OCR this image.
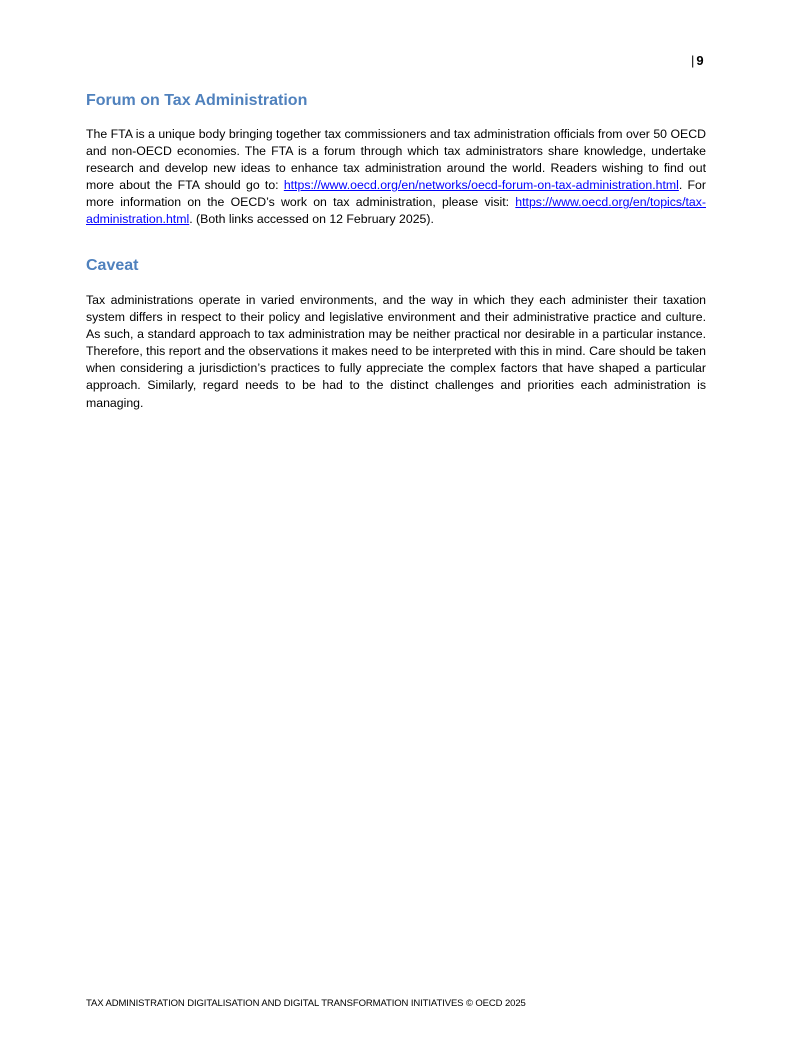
| 9
Forum on Tax Administration

The FTA is a unique body bringing together tax commissioners and tax administration officials from over 50 OECD and non-OECD economies. The FTA is a forum through which tax administrators share knowledge, undertake research and develop new ideas to enhance tax administration around the world. Readers wishing to find out more about the FTA should go to: https://www.oecd.org/en/networks/oecd-forum-on-tax-administration.html. For more information on the OECD’s work on tax administration, please visit: https://www.oecd.org/en/topics/tax-administration.html. (Both links accessed on 12 February 2025).

Caveat

Tax administrations operate in varied environments, and the way in which they each administer their taxation system differs in respect to their policy and legislative environment and their administrative practice and culture. As such, a standard approach to tax administration may be neither practical nor desirable in a particular instance. Therefore, this report and the observations it makes need to be interpreted with this in mind. Care should be taken when considering a jurisdiction’s practices to fully appreciate the complex factors that have shaped a particular approach. Similarly, regard needs to be had to the distinct challenges and priorities each administration is managing.

TAX ADMINISTRATION DIGITALISATION AND DIGITAL TRANSFORMATION INITIATIVES © OECD 2025
